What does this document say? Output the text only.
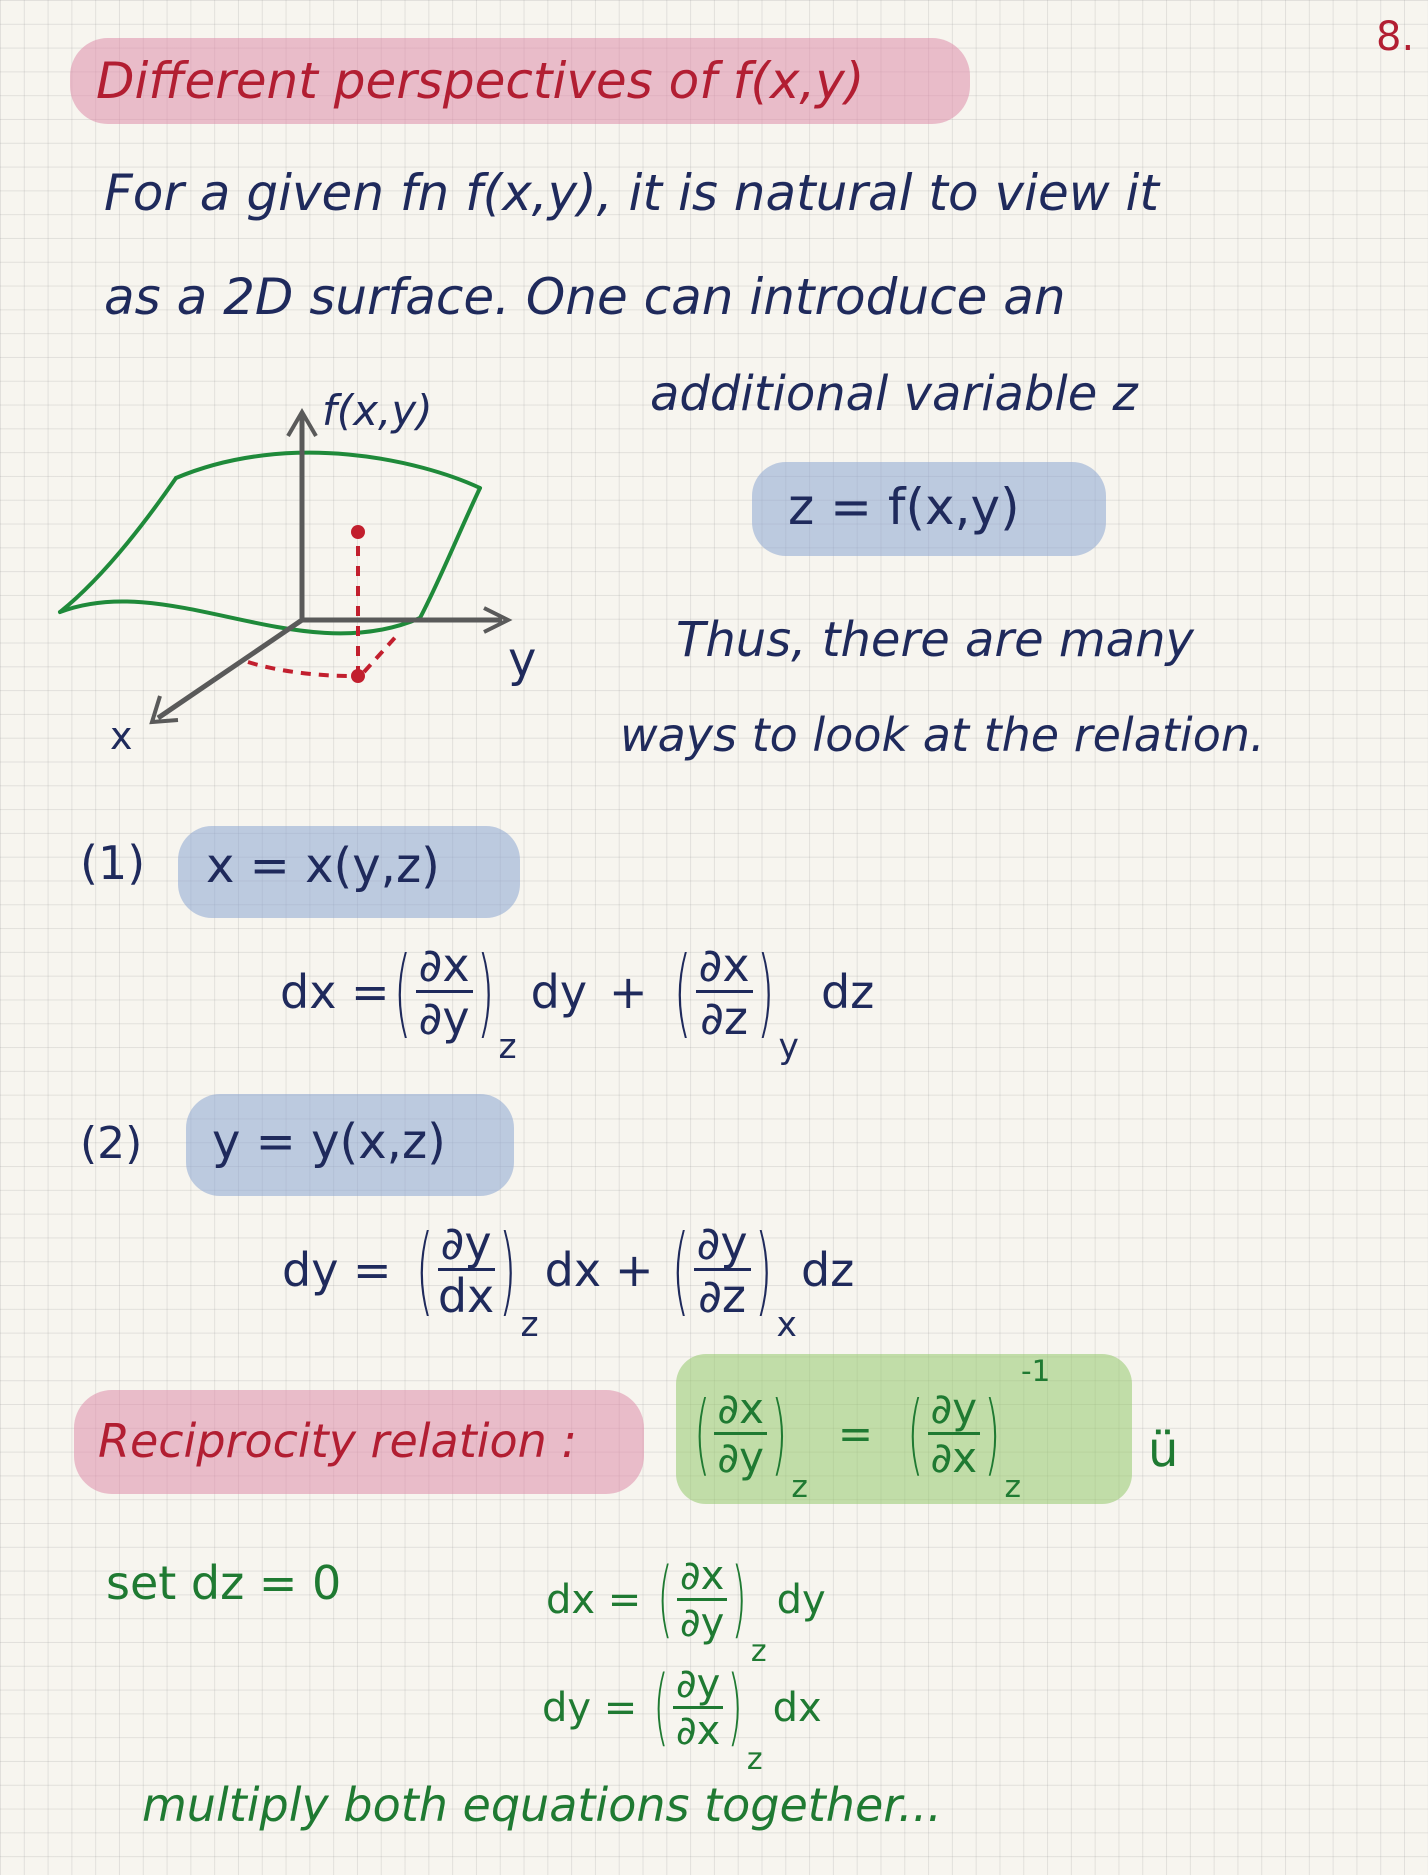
8.
Different perspectives of f(x,y)
For a given fn f(x,y), it is natural to view it
as a 2D surface. One can introduce an
additional variable z
z = f(x,y)
f(x,y)
y
x
Thus, there are many
ways to look at the relation.
(1) x = x(y,z)
dx = ( $\frac{\partial x}{\partial y}$ ) z
dy + ( $\frac{\partial x}{\partial z}$ ) y
dz
(2) y = y(x,z)
dy = ( $\frac{\partial y}{dx}$ ) z
dx + ( $\frac{\partial y}{\partial z}$ ) x
dz
Reciprocity relation :	( $\frac{\partial x}{\partial y}$ )
z
= ( $\frac{\partial y}{\partial x}$ )
z
-1
ü
set dz = 0	dx = ( $\frac{\partial x}{\partial y}$ )
z
dy
dy = ( $\frac{\partial y}{\partial x}$ )
z
dx
multiply both equations together...
